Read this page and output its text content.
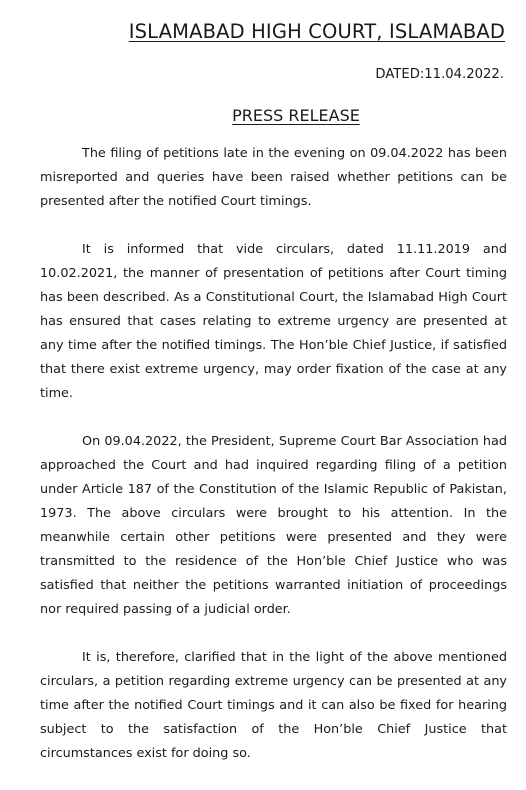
ISLAMABAD HIGH COURT, ISLAMABAD
DATED:11.04.2022.
PRESS RELEASE

The filing of petitions late in the evening on 09.04.2022 has been misreported and queries have been raised whether petitions can be presented after the notified Court timings.

It is informed that vide circulars, dated 11.11.2019 and 10.02.2021, the manner of presentation of petitions after Court timing has been described. As a Constitutional Court, the Islamabad High Court has ensured that cases relating to extreme urgency are presented at any time after the notified timings. The Hon’ble Chief Justice, if satisfied that there exist extreme urgency, may order fixation of the case at any time.

On 09.04.2022, the President, Supreme Court Bar Association had approached the Court and had inquired regarding filing of a petition under Article 187 of the Constitution of the Islamic Republic of Pakistan, 1973. The above circulars were brought to his attention. In the meanwhile certain other petitions were presented and they were transmitted to the residence of the Hon’ble Chief Justice who was satisfied that neither the petitions warranted initiation of proceedings nor required passing of a judicial order.

It is, therefore, clarified that in the light of the above mentioned circulars, a petition regarding extreme urgency can be presented at any time after the notified Court timings and it can also be fixed for hearing subject to the satisfaction of the Hon’ble Chief Justice that circumstances exist for doing so.
